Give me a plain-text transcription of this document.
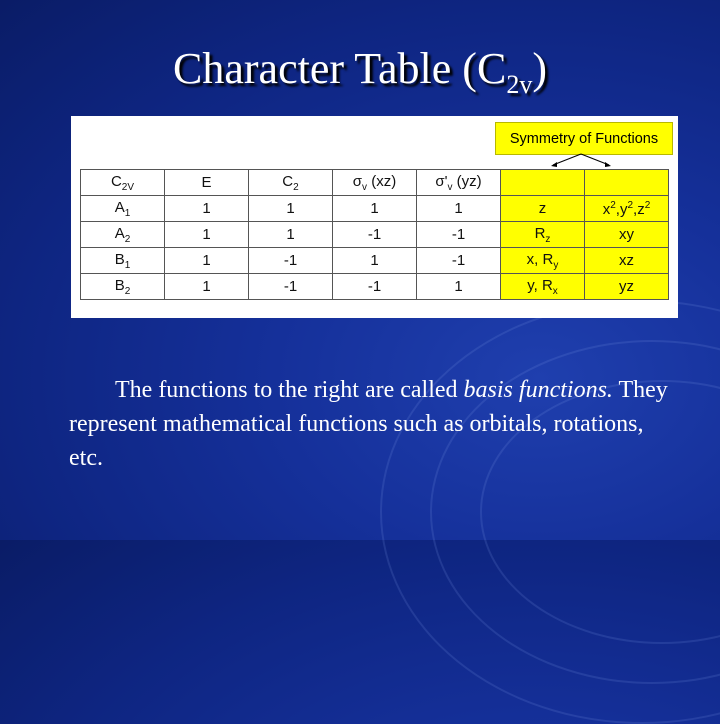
Character Table $(C_{2v})$
Symmetry of Functions
$C_{2V}$	E	$C_2$	$\sigma_v$ (xz)	$\sigma'_v$ (yz)		
$A_1$	1	1	1	1	z	$x^2,y^2,z^2$
$A_2$	1	1	-1	-1	$R_z$	xy
$B_1$	1	-1	1	-1	x, $R_y$	xz
$B_2$	1	-1	-1	1	y, $R_x$	yz
The functions to the right are called basis functions. They represent mathematical functions such as orbitals, rotations, etc.
